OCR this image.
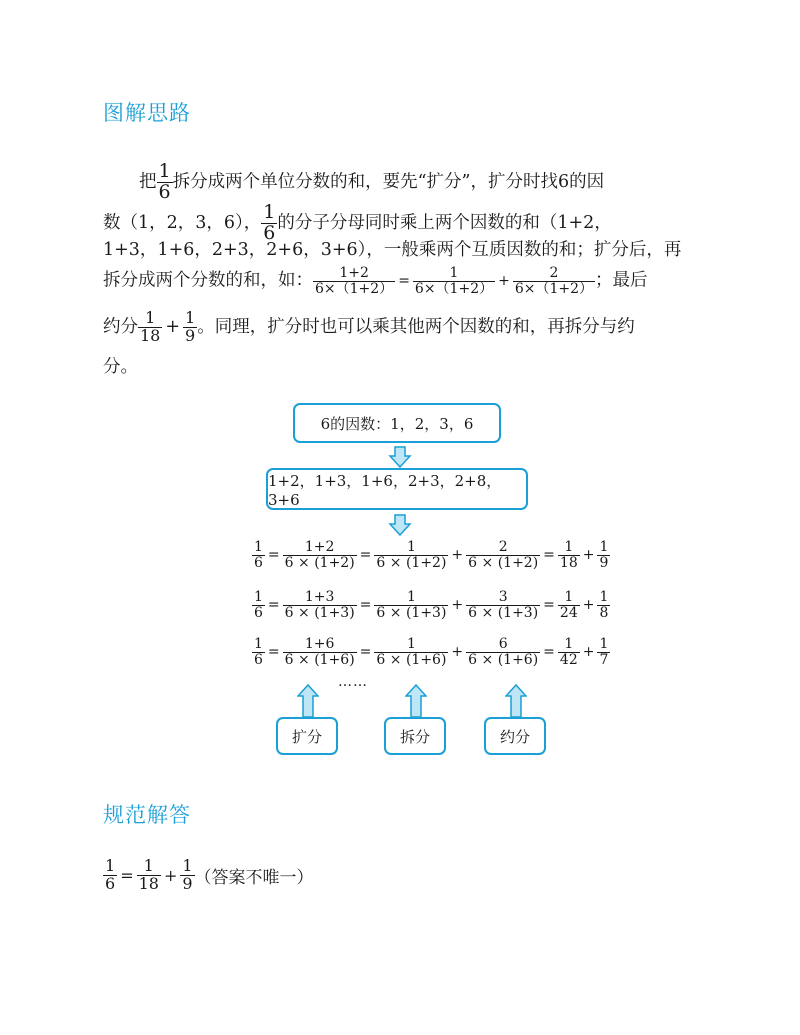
图解思路
把 $\frac{1}{6}$ 拆分成两个单位分数的和，要先“扩分”，扩分时找6的因
数（1，2，3，6）， $\frac{1}{6}$ 的分子分母同时乘上两个因数的和（1+2，
1+3，1+6，2+3，2+6，3+6），一般乘两个互质因数的和；扩分后，再
拆分成两个分数的和，如： $\frac{1+2}{6\times(1+2)} = \frac{1}{6\times(1+2)} + \frac{2}{6\times(1+2)}$ ；最后
约分 $\frac{1}{18} + \frac{1}{9}$ 。同理，扩分时也可以乘其他两个因数的和，再拆分与约
分。
6的因数：1，2，3，6
1+2，1+3，1+6，2+3，2+8，3+6
$\frac{1}{6} = \frac{1+2}{6 \times (1+2)} = \frac{1}{6 \times (1+2)} + \frac{2}{6 \times (1+2)} = \frac{1}{18} + \frac{1}{9}$
$\frac{1}{6} = \frac{1+3}{6 \times (1+3)} = \frac{1}{6 \times (1+3)} + \frac{3}{6 \times (1+3)} = \frac{1}{24} + \frac{1}{8}$
$\frac{1}{6} = \frac{1+6}{6 \times (1+6)} = \frac{1}{6 \times (1+6)} + \frac{6}{6 \times (1+6)} = \frac{1}{42} + \frac{1}{7}$
……
扩分	拆分	约分
规范解答
$\frac{1}{6} = \frac{1}{18} + \frac{1}{9}$ （答案不唯一）
